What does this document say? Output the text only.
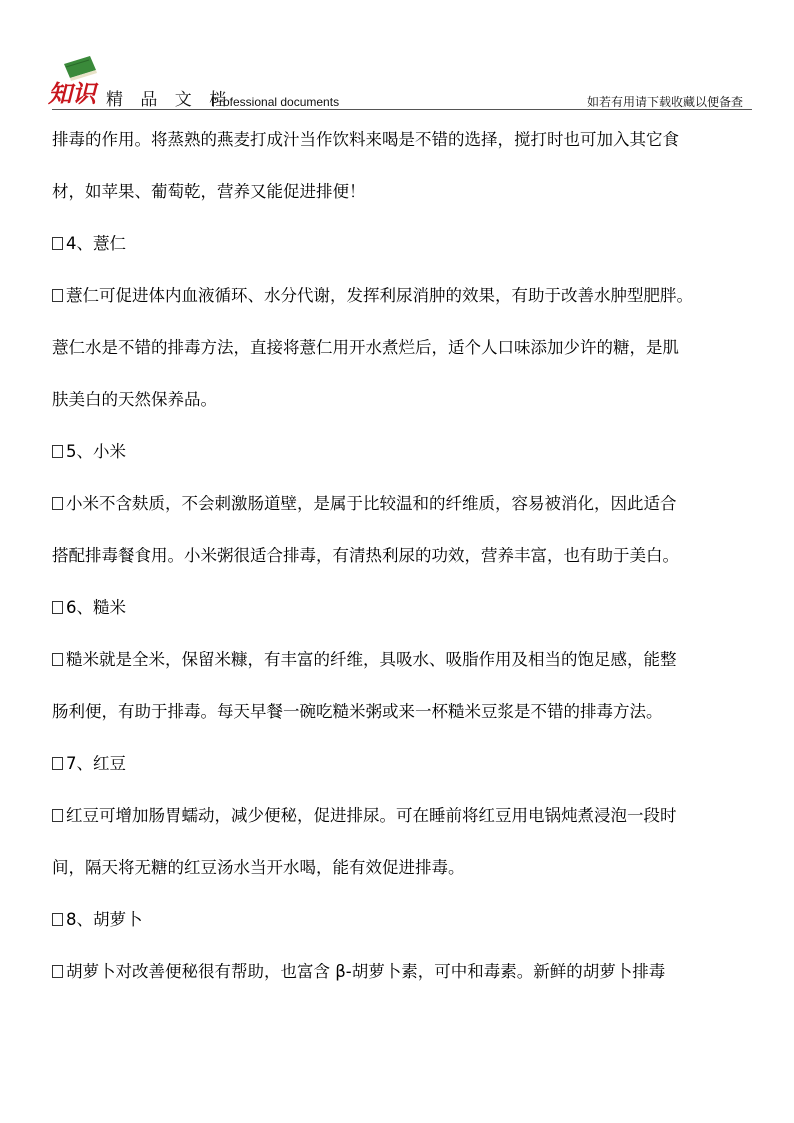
知识 精 品 文 档
Professional documents	如若有用请下载收藏以便备查
排毒的作用。将蒸熟的燕麦打成汁当作饮料来喝是不错的选择，搅打时也可加入其它食
材，如苹果、葡萄乾，营养又能促进排便！
4、薏仁
薏仁可促进体内血液循环、水分代谢，发挥利尿消肿的效果，有助于改善水肿型肥胖。
薏仁水是不错的排毒方法，直接将薏仁用开水煮烂后，适个人口味添加少许的糖，是肌
肤美白的天然保养品。
5、小米
小米不含麸质，不会刺激肠道壁，是属于比较温和的纤维质，容易被消化，因此适合
搭配排毒餐食用。小米粥很适合排毒，有清热利尿的功效，营养丰富，也有助于美白。
6、糙米
糙米就是全米，保留米糠，有丰富的纤维，具吸水、吸脂作用及相当的饱足感，能整
肠利便，有助于排毒。每天早餐一碗吃糙米粥或来一杯糙米豆浆是不错的排毒方法。
7、红豆
红豆可增加肠胃蠕动，减少便秘，促进排尿。可在睡前将红豆用电锅炖煮浸泡一段时
间，隔天将无糖的红豆汤水当开水喝，能有效促进排毒。
8、胡萝卜
胡萝卜对改善便秘很有帮助，也富含 β-胡萝卜素，可中和毒素。新鲜的胡萝卜排毒
